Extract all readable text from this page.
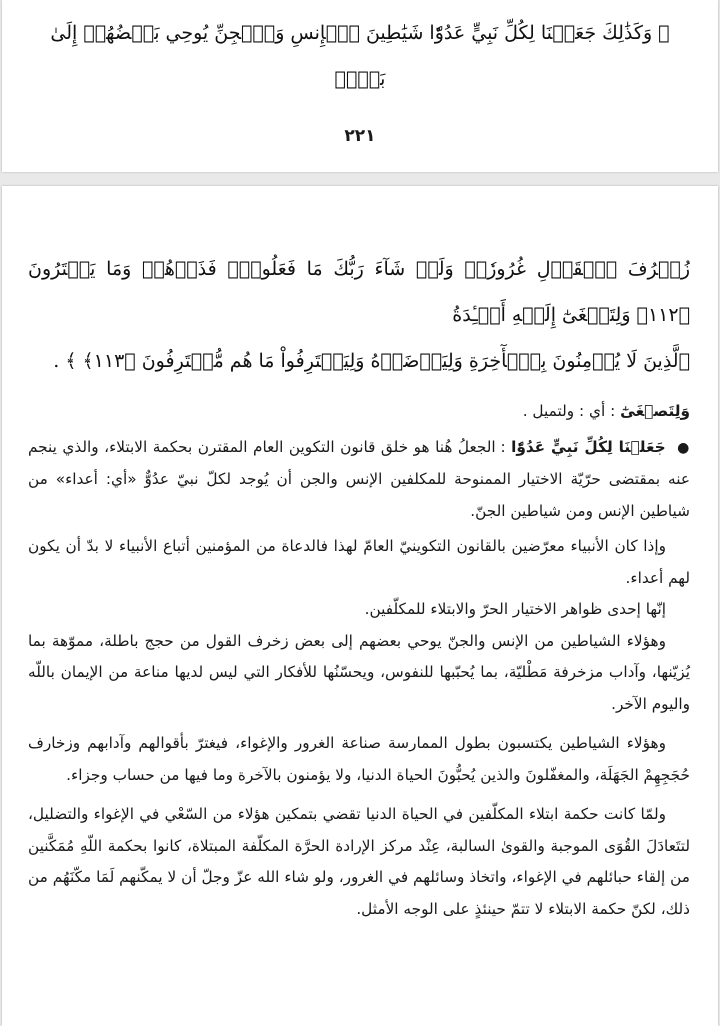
﴿ وَكَذَٰلِكَ جَعَلۡنَا لِكُلِّ نَبِيٍّ عَدُوّٗا شَيَٰطِينَ ٱلۡإِنسِ وَٱلۡجِنِّ يُوحِي بَعۡضُهُمۡ إِلَىٰ بَعۡضٖ
٢٢١
زُخۡرُفَ ٱلۡقَوۡلِ غُرُورٗاۚ وَلَوۡ شَآءَ رَبُّكَ مَا فَعَلُوهُۖ فَذَرۡهُمۡ وَمَا يَفۡتَرُونَ ﴿١١٢﴾ وَلِتَصۡغَىٰٓ إِلَيۡهِ أَفۡـِٔدَةُ
ٱلَّذِينَ لَا يُؤۡمِنُونَ بِٱلۡأٓخِرَةِ وَلِيَرۡضَوۡهُ وَلِيَقۡتَرِفُواْ مَا هُم مُّقۡتَرِفُونَ ﴿١١٣﴾ ﴾ .

وَلِتَصۡغَىٰٓ : أي : ولتميل .

● جَعَلۡنَا لِكُلِّ نَبِيٍّ عَدُوّٗا : الجعلُ هُنا هو خلق قانون التكوين العام المقترن بحكمة الابتلاء، والذي ينجم عنه بمقتضى حرّيّة الاختيار الممنوحة للمكلفين الإنس والجن أن يُوجد لكلّ نبيّ عدُوٌّ «أي: أعداء» من شياطين الإنس ومن شياطين الجنّ.

وإذا كان الأنبياء معرّضين بالقانون التكوينيّ العامّ لهذا فالدعاة من المؤمنين أتباع الأنبياء لا بدّ أن يكون لهم أعداء.

إنّها إحدى ظواهر الاختيار الحرّ والابتلاء للمكلّفين.

وهؤلاء الشياطين من الإنس والجنّ يوحي بعضهم إلى بعض زخرف القول من حجج باطلة، مموّهة بما يُزيّنها، وآداب مزخرفة مَطْليّة، بما يُحبّبها للنفوس، ويحسّنُها للأفكار التي ليس لديها مناعة من الإيمان باللّه واليوم الآخر.

وهؤلاء الشياطين يكتسبون بطول الممارسة صناعة الغرور والإغواء، فيغترّ بأقوالهم وآدابهم وزخارف حُجَجِهِمْ الجَهَلَة، والمغفّلونَ والذين يُحبُّونَ الحياة الدنيا، ولا يؤمنون بالآخرة وما فيها من حساب وجزاء.

ولمّا كانت حكمة ابتلاء المكلّفين في الحياة الدنيا تقضي بتمكين هؤلاء من السّعْي في الإغواء والتضليل، لتتَعادَلَ القُوَى الموجبة والقوىٰ السالبة، عِنْد مركز الإرادة الحرَّة المكلّفة المبتلاة، كانوا بحكمة اللّهِ مُمَكَّنين من إلقاء حبائلهم في الإغواء، واتخاذ وسائلهم في الغرور، ولو شاء الله عزّ وجلّ أن لا يمكّنهم لَمَا مكّنَهُم من ذلك، لكنّ حكمة الابتلاء لا تتمّ حينئذٍ على الوجه الأمثل.
